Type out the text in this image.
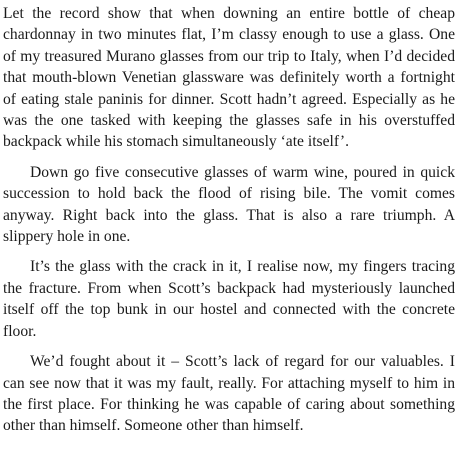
Let the record show that when downing an entire bottle of cheap chardonnay in two minutes flat, I’m classy enough to use a glass. One of my treasured Murano glasses from our trip to Italy, when I’d decided that mouth-blown Venetian glassware was definitely worth a fortnight of eating stale paninis for dinner. Scott hadn’t agreed. Especially as he was the one tasked with keeping the glasses safe in his overstuffed backpack while his stomach simultaneously ‘ate itself’.

Down go five consecutive glasses of warm wine, poured in quick succession to hold back the flood of rising bile. The vomit comes anyway. Right back into the glass. That is also a rare triumph. A slippery hole in one.

It’s the glass with the crack in it, I realise now, my fingers tracing the fracture. From when Scott’s backpack had mysteriously launched itself off the top bunk in our hostel and connected with the concrete floor.

We’d fought about it – Scott’s lack of regard for our valuables. I can see now that it was my fault, really. For attaching myself to him in the first place. For thinking he was capable of caring about something other than himself. Someone other than himself.
